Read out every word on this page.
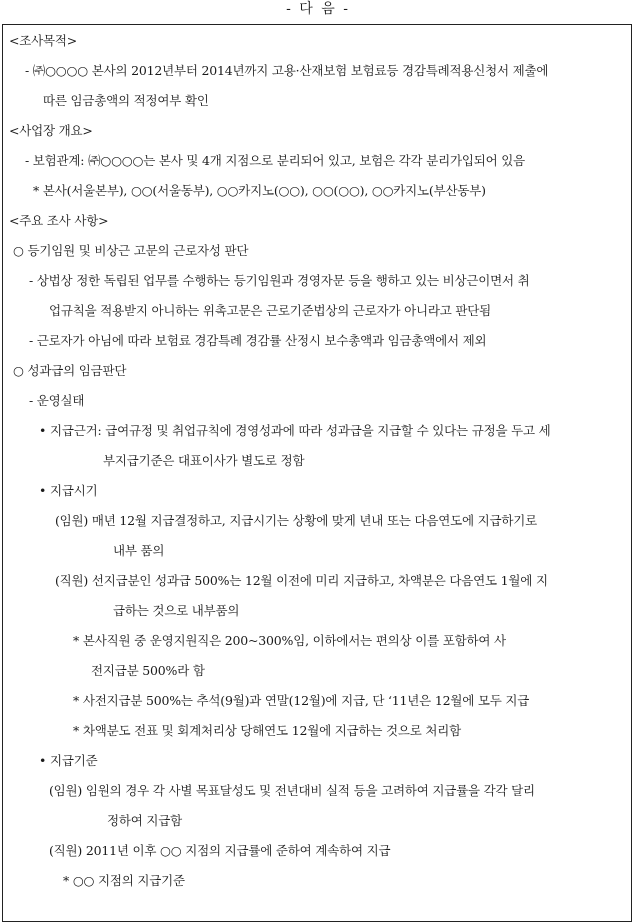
- 다 음 -
<조사목적>
- ㈜○○○○ 본사의 2012년부터 2014년까지 고용·산재보험 보험료등 경감특례적용신청서 제출에
따른 임금총액의 적정여부 확인
<사업장 개요>
- 보험관계: ㈜○○○○는 본사 및 4개 지점으로 분리되어 있고, 보험은 각각 분리가입되어 있음
* 본사(서울본부), ○○(서울동부), ○○카지노(○○), ○○(○○), ○○카지노(부산동부)
<주요 조사 사항>
○ 등기임원 및 비상근 고문의 근로자성 판단
- 상법상 정한 독립된 업무를 수행하는 등기임원과 경영자문 등을 행하고 있는 비상근이면서 취
업규칙을 적용받지 아니하는 위촉고문은 근로기준법상의 근로자가 아니라고 판단됨
- 근로자가 아님에 따라 보험료 경감특례 경감률 산정시 보수총액과 임금총액에서 제외
○ 성과급의 임금판단
- 운영실태
• 지급근거: 급여규정 및 취업규칙에 경영성과에 따라 성과급을 지급할 수 있다는 규정을 두고 세
부지급기준은 대표이사가 별도로 정함
• 지급시기
(임원) 매년 12월 지급결정하고, 지급시기는 상황에 맞게 년내 또는 다음연도에 지급하기로
내부 품의
(직원) 선지급분인 성과급 500%는 12월 이전에 미리 지급하고, 차액분은 다음연도 1월에 지
급하는 것으로 내부품의
* 본사직원 중 운영지원직은 200~300%임, 이하에서는 편의상 이를 포함하여 사
전지급분 500%라 함
* 사전지급분 500%는 추석(9월)과 연말(12월)에 지급, 단 ‘11년은 12월에 모두 지급
* 차액분도 전표 및 회계처리상 당해연도 12월에 지급하는 것으로 처리함
• 지급기준
(임원) 임원의 경우 각 사별 목표달성도 및 전년대비 실적 등을 고려하여 지급률을 각각 달리
정하여 지급함
(직원) 2011년 이후 ○○ 지점의 지급률에 준하여 계속하여 지급
* ○○ 지점의 지급기준
